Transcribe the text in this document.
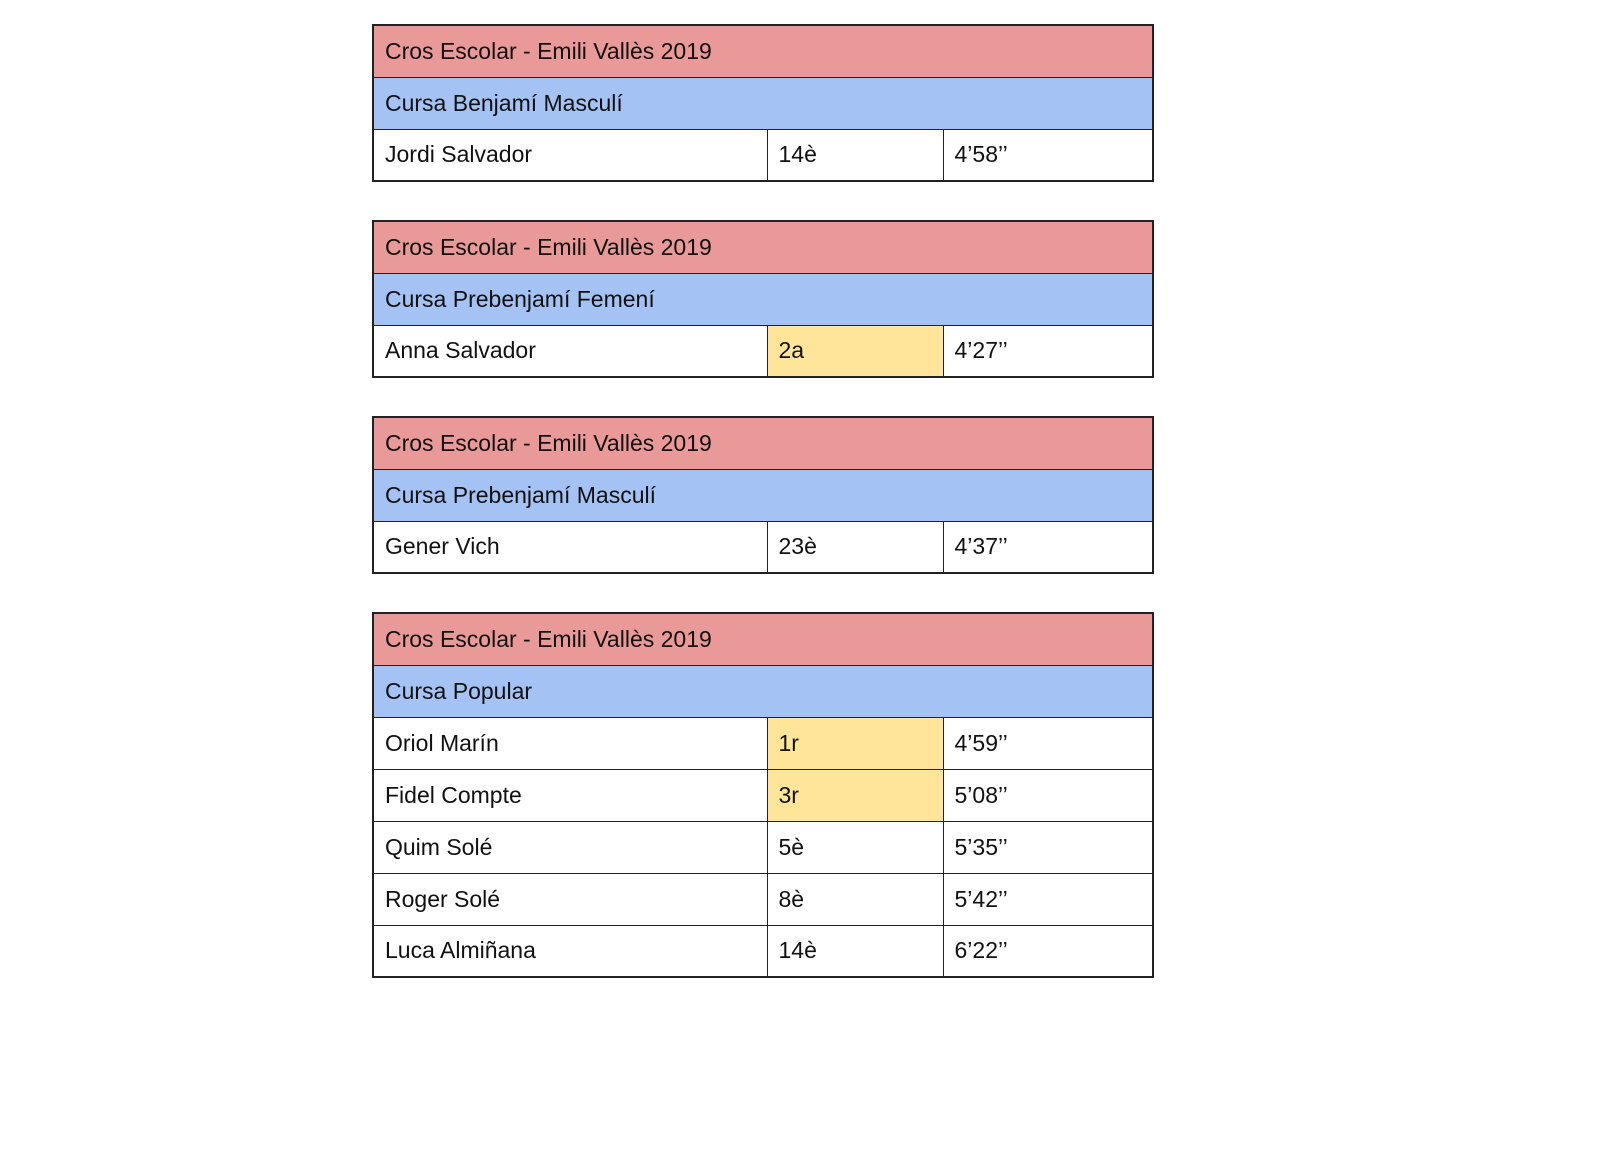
Cros Escolar - Emili Vallès 2019
Cursa Benjamí Masculí
Jordi Salvador	14è	4’58’’
Cros Escolar - Emili Vallès 2019
Cursa Prebenjamí Femení
Anna Salvador	2a	4’27’’
Cros Escolar - Emili Vallès 2019
Cursa Prebenjamí Masculí
Gener Vich	23è	4’37’’
Cros Escolar - Emili Vallès 2019		
Cursa Popular		
Oriol Marín	1r	4’59’’
Fidel Compte	3r	5’08’’
Quim Solé	5è	5’35’’
Roger Solé	8è	5’42’’
Luca Almiñana	14è	6’22’’
